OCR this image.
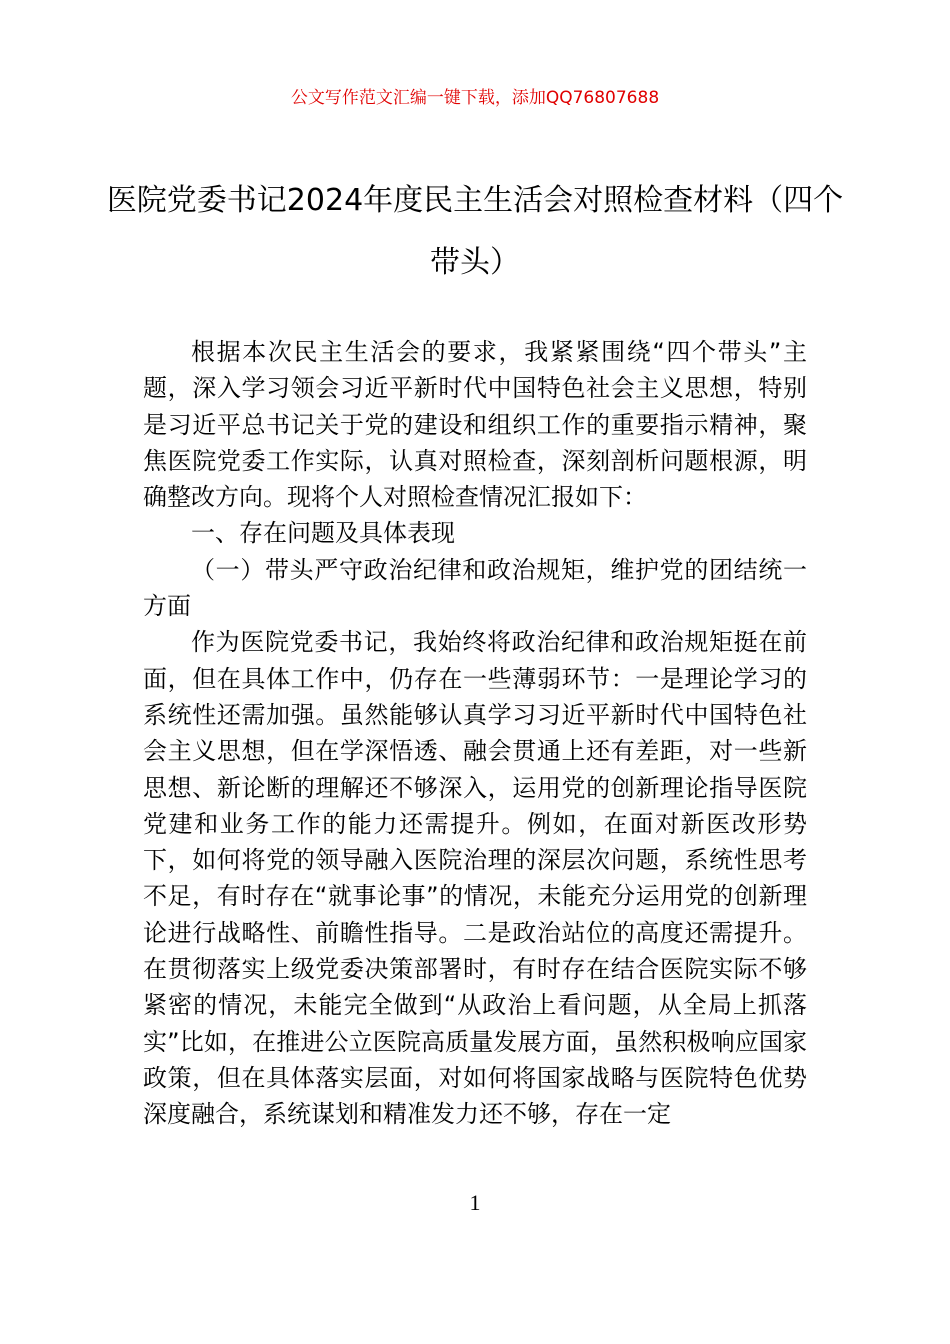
公文写作范文汇编一键下载，添加QQ76807688
医院党委书记2024年度民主生活会对照检查材料（四个带头）

根据本次民主生活会的要求，我紧紧围绕“四个带头”主题，深入学习领会习近平新时代中国特色社会主义思想，特别是习近平总书记关于党的建设和组织工作的重要指示精神，聚焦医院党委工作实际，认真对照检查，深刻剖析问题根源，明确整改方向。现将个人对照检查情况汇报如下：

一、存在问题及具体表现

（一）带头严守政治纪律和政治规矩，维护党的团结统一方面

作为医院党委书记，我始终将政治纪律和政治规矩挺在前面，但在具体工作中，仍存在一些薄弱环节：一是理论学习的系统性还需加强。虽然能够认真学习习近平新时代中国特色社会主义思想，但在学深悟透、融会贯通上还有差距，对一些新思想、新论断的理解还不够深入，运用党的创新理论指导医院党建和业务工作的能力还需提升。例如，在面对新医改形势下，如何将党的领导融入医院治理的深层次问题，系统性思考不足，有时存在“就事论事”的情况，未能充分运用党的创新理论进行战略性、前瞻性指导。二是政治站位的高度还需提升。在贯彻落实上级党委决策部署时，有时存在结合医院实际不够紧密的情况，未能完全做到“从政治上看问题，从全局上抓落实”比如，在推进公立医院高质量发展方面，虽然积极响应国家政策，但在具体落实层面，对如何将国家战略与医院特色优势深度融合，系统谋划和精准发力还不够，存在一定

1
